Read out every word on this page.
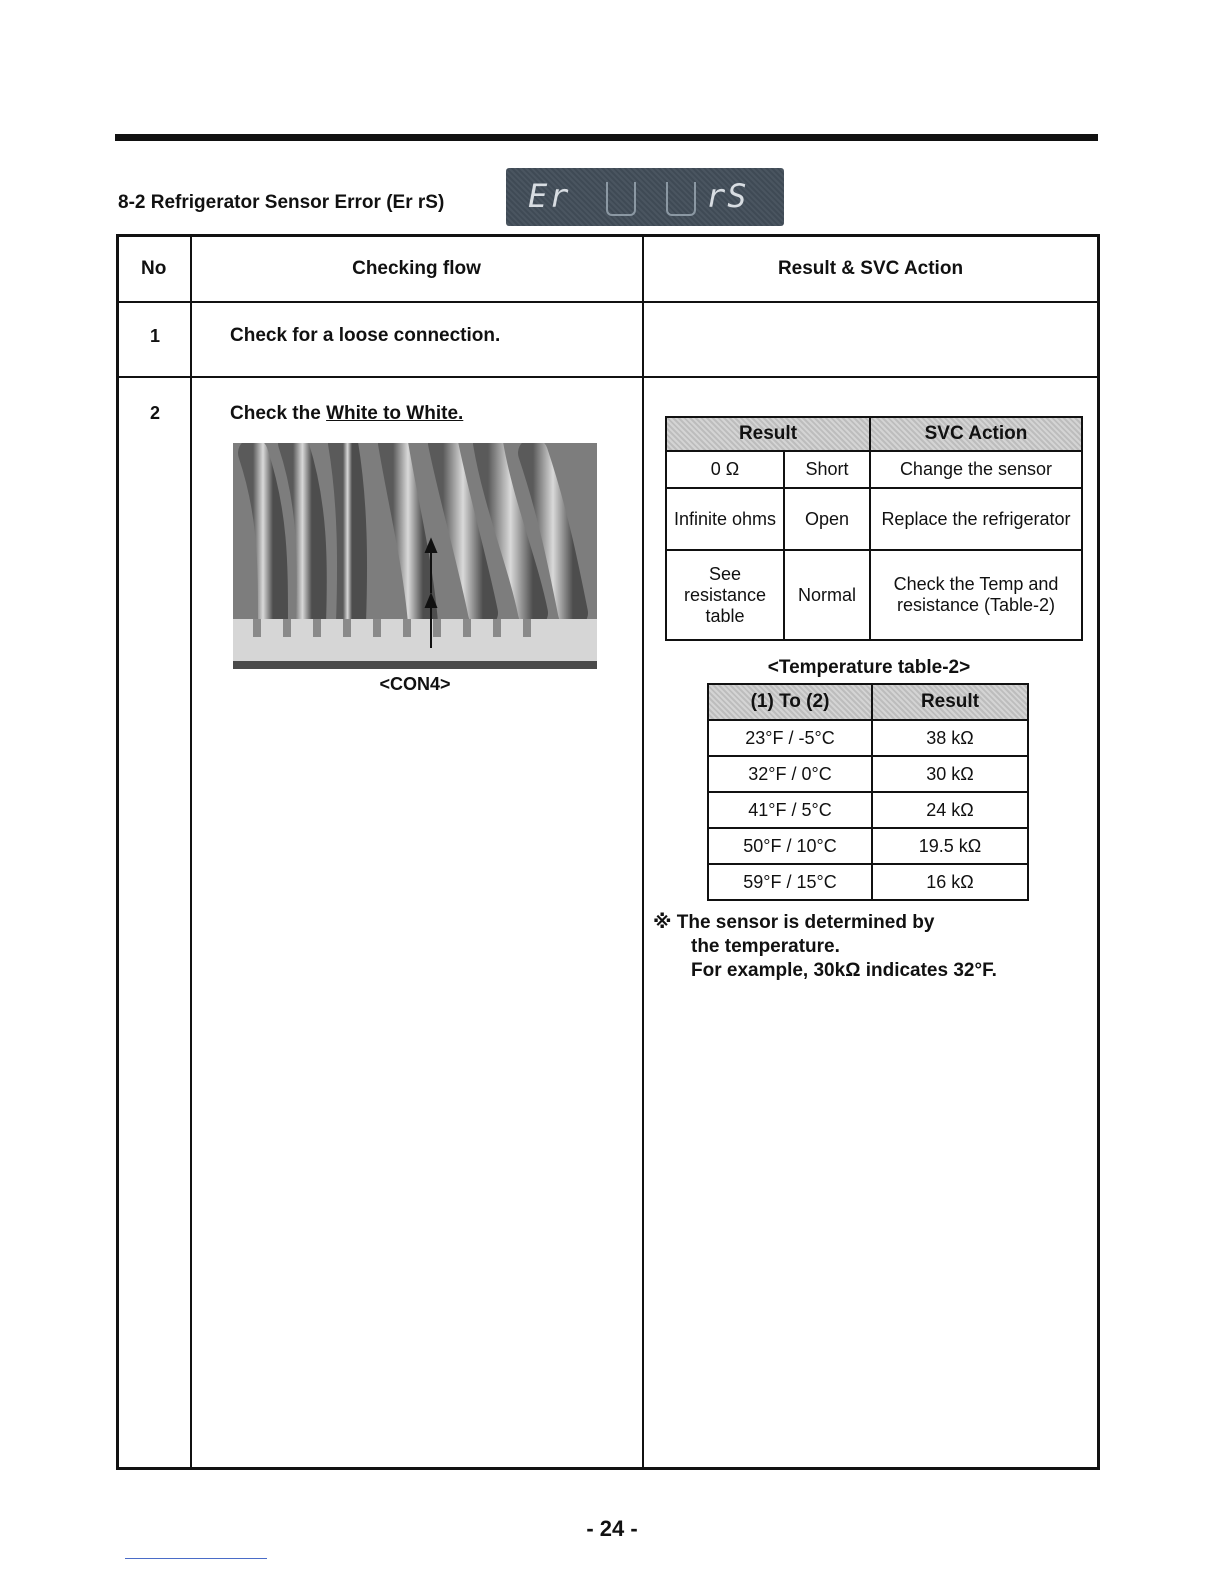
8-2 Refrigerator Sensor Error (Er rS)	Er	rS
No	Checking flow	Result & SVC Action
1	Check for a loose connection.
2	Check the White to White.
<CON4>
Result		SVC Action
0 Ω	Short	Change the sensor
Infinite ohms	Open	Replace the refrigerator
See resistance table	Normal	Check the Temp and resistance (Table-2)
<Temperature table-2>
(1) To (2)	Result
23°F / -5°C	38 kΩ
32°F / 0°C	30 kΩ
41°F / 5°C	24 kΩ
50°F / 10°C	19.5 kΩ
59°F / 15°C	16 kΩ
※ The sensor is determined by
the temperature.
For example, 30kΩ indicates 32°F.
- 24 -
